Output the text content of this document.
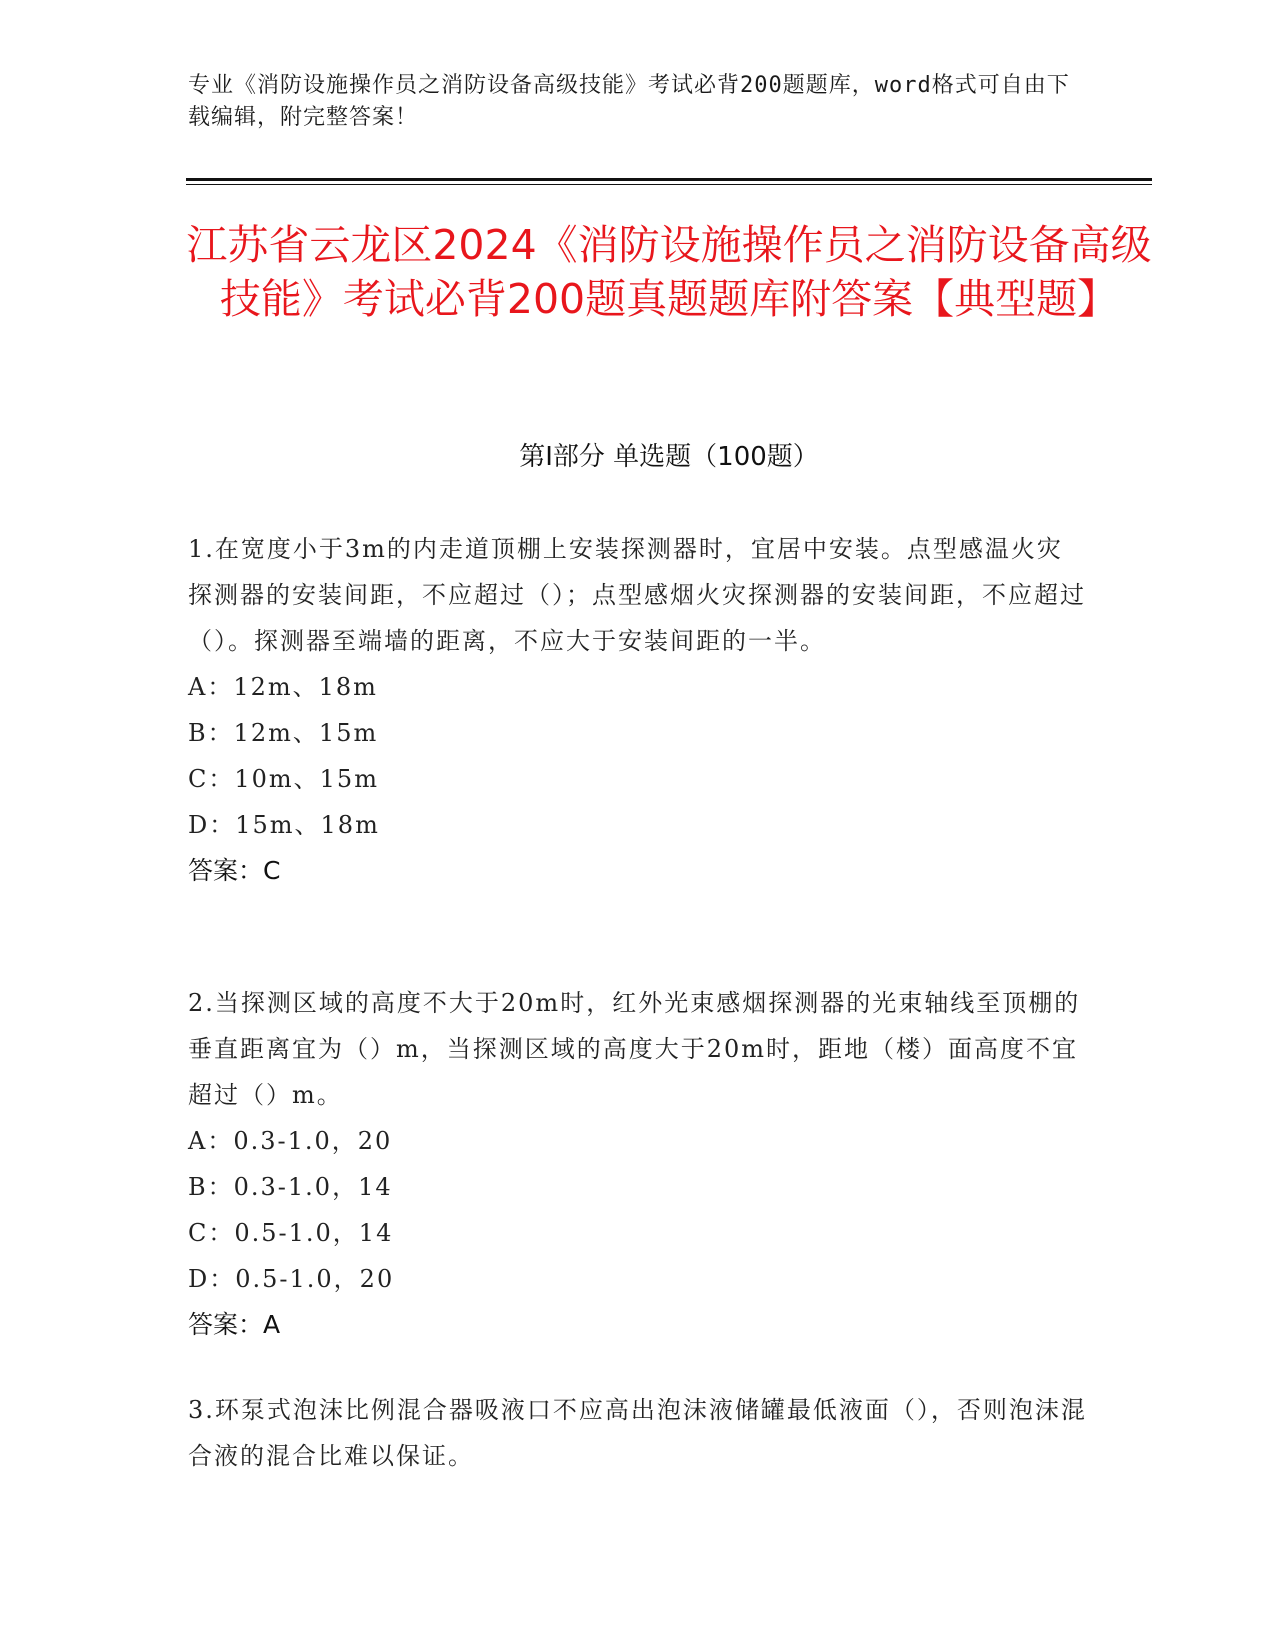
专业《消防设施操作员之消防设备高级技能》考试必背200题题库，word格式可自由下载编辑，附完整答案！
江苏省云龙区2024《消防设施操作员之消防设备高级技能》考试必背200题真题题库附答案【典型题】
第I部分 单选题（100题）

1.在宽度小于3m的内走道顶棚上安装探测器时，宜居中安装。点型感温火灾探测器的安装间距，不应超过（）；点型感烟火灾探测器的安装间距，不应超过（）。探测器至端墙的距离，不应大于安装间距的一半。

A：12m、18m

B：12m、15m

C：10m、15m

D：15m、18m

答案：C

2.当探测区域的高度不大于20m时，红外光束感烟探测器的光束轴线至顶棚的垂直距离宜为（）m，当探测区域的高度大于20m时，距地（楼）面高度不宜超过（）m。

A：0.3-1.0，20

B：0.3-1.0，14

C：0.5-1.0，14

D：0.5-1.0，20

答案：A

3.环泵式泡沫比例混合器吸液口不应高出泡沫液储罐最低液面（），否则泡沫混合液的混合比难以保证。
